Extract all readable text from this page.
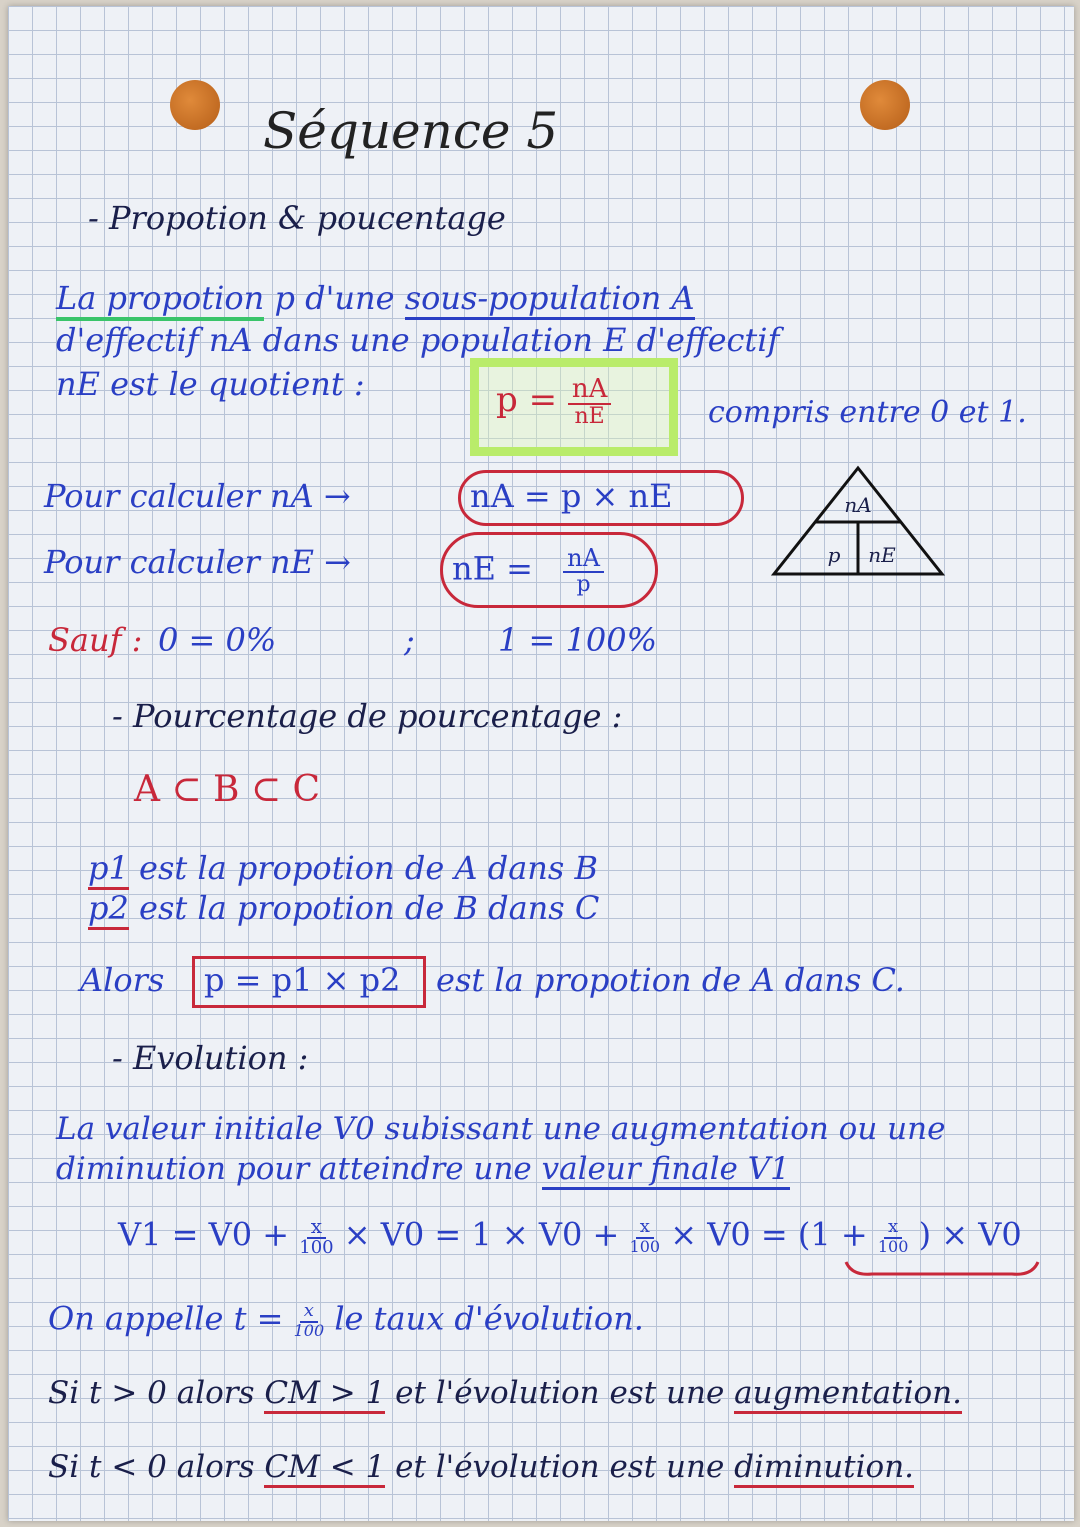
Séquence 5
- Propotion & poucentage
La propotion p d'une sous-population A
d'effectif nA dans une population E d'effectif
nE est le quotient :	$p = \frac{nA}{nE}$	compris entre 0 et 1.
Pour calculer nA →	nA = p × nE
Pour calculer nE →	nE = $\frac{nA}{p}$
nA
p nE
Sauf : 0 = 0%	;	1 = 100%
- Pourcentage de pourcentage :
A ⊂ B ⊂ C
p1 est la propotion de A dans B
p2 est la propotion de B dans C
Alors p = p1 × p2 est la propotion de A dans C.
- Evolution :
La valeur initiale V0 subissant une augmentation ou une
diminution pour atteindre une valeur finale V1
$V1 = V0 + \frac{x}{100} \times V0 = 1 \times V0 + \frac{x}{100} \times V0 = (1 + \frac{x}{100}$ ) × V0
On appelle $t = \frac{x}{100}$ le taux d'évolution.
Si t > 0 alors CM > 1 et l'évolution est une augmentation.
Si t < 0 alors CM < 1 et l'évolution est une diminution.
